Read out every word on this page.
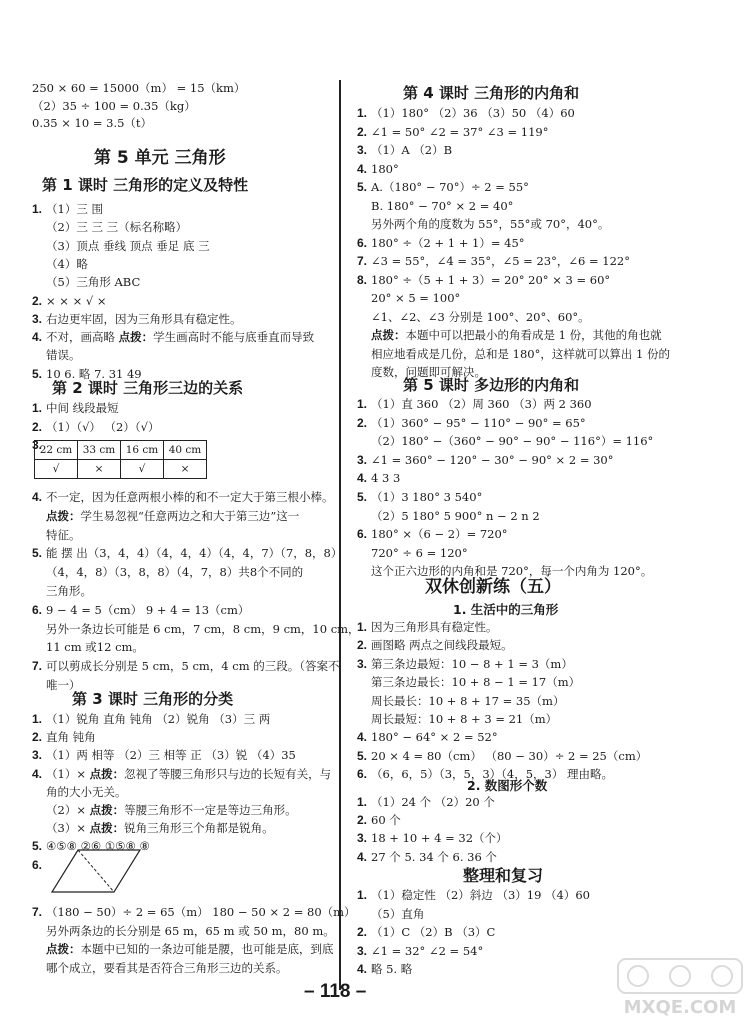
250 × 60 = 15000（m） = 15（km）
（2）35 ÷ 100 = 0.35（kg）
0.35 × 10 = 3.5（t）
第 5 单元 三角形
第 1 课时 三角形的定义及特性
1. （1）三 围
（2）三 三 三（标名称略）
（3）顶点 垂线 顶点 垂足 底 三
（4）略
（5）三角形 ABC
2. × × × √ ×
3. 右边更牢固，因为三角形具有稳定性。
4. 不对，画高略 点拨：学生画高时不能与底垂直而导致
错误。
5. 10 6. 略 7. 31 49
第 2 课时 三角形三边的关系
1. 中间 线段最短
2. （1）（√） （2）（√）
3.
22 cm	33 cm	16 cm	40 cm
√	×	√	×
4. 不一定，因为任意两根小棒的和不一定大于第三根小棒。
点拨：学生易忽视“任意两边之和大于第三边”这一
特征。
5. 能 摆 出（3，4，4）（4，4，4）（4，4，7）（7，8，8）
（4，4，8）（3，8，8）（4，7，8）共8个不同的
三角形。
6. 9 − 4 = 5（cm） 9 + 4 = 13（cm）
另外一条边长可能是 6 cm，7 cm，8 cm，9 cm，10 cm，
11 cm 或12 cm。
7. 可以剪成长分别是 5 cm，5 cm，4 cm 的三段。（答案不
唯一）
第 3 课时 三角形的分类
1. （1）锐角 直角 钝角 （2）锐角 （3）三 两
2. 直角 钝角
3. （1）两 相等 （2）三 相等 正 （3）锐 （4）35
4. （1）× 点拨：忽视了等腰三角形只与边的长短有关，与
角的大小无关。
（2）× 点拨：等腰三角形不一定是等边三角形。
（3）× 点拨：锐角三角形三个角都是锐角。
5. ④⑤⑧ ②⑥ ①⑤⑧ ⑧
6.
7. （180 − 50）÷ 2 = 65（m） 180 − 50 × 2 = 80（m）
另外两条边的长分别是 65 m，65 m 或 50 m，80 m。
点拨：本题中已知的一条边可能是腰，也可能是底，到底
哪个成立，要看其是否符合三角形三边的关系。
第 4 课时 三角形的内角和
1. （1）180° （2）36 （3）50 （4）60
2. ∠1 = 50° ∠2 = 37° ∠3 = 119°
3. （1）A （2）B
4. 180°
5. A.（180° − 70°）÷ 2 = 55°
B. 180° − 70° × 2 = 40°
另外两个角的度数为 55°，55°或 70°，40°。
6. 180° ÷（2 + 1 + 1）= 45°
7. ∠3 = 55°，∠4 = 35°，∠5 = 23°，∠6 = 122°
8. 180° ÷（5 + 1 + 3）= 20° 20° × 3 = 60°
20° × 5 = 100°
∠1、∠2、∠3 分别是 100°、20°、60°。
点拨：本题中可以把最小的角看成是 1 份，其他的角也就
相应地看成是几份，总和是 180°，这样就可以算出 1 份的
度数，问题即可解决。
第 5 课时 多边形的内角和
1. （1）直 360 （2）周 360 （3）两 2 360
2. （1）360° − 95° − 110° − 90° = 65°
（2）180° −（360° − 90° − 90° − 116°）= 116°
3. ∠1 = 360° − 120° − 30° − 90° × 2 = 30°
4. 4 3 3
5. （1）3 180° 3 540°
（2）5 180° 5 900° n − 2 n 2
6. 180° ×（6 − 2）= 720°
720° ÷ 6 = 120°
这个正六边形的内角和是 720°，每一个内角为 120°。
双休创新练（五）
1. 生活中的三角形
1. 因为三角形具有稳定性。
2. 画图略 两点之间线段最短。
3. 第三条边最短：10 − 8 + 1 = 3（m）
第三条边最长：10 + 8 − 1 = 17（m）
周长最长：10 + 8 + 17 = 35（m）
周长最短：10 + 8 + 3 = 21（m）
4. 180° − 64° × 2 = 52°
5. 20 × 4 = 80（cm） （80 − 30）÷ 2 = 25（cm）
6. （6，6，5）（3，5，3）（4，5，3） 理由略。
2. 数图形个数
1. （1）24 个 （2）20 个
2. 60 个
3. 18 + 10 + 4 = 32（个）
4. 27 个 5. 34 个 6. 36 个
整理和复习
1. （1）稳定性 （2）斜边 （3）19 （4）60
（5）直角
2. （1）C （2）B （3）C
3. ∠1 = 32° ∠2 = 54°
4. 略 5. 略
– 118 –
MXQE.COM
